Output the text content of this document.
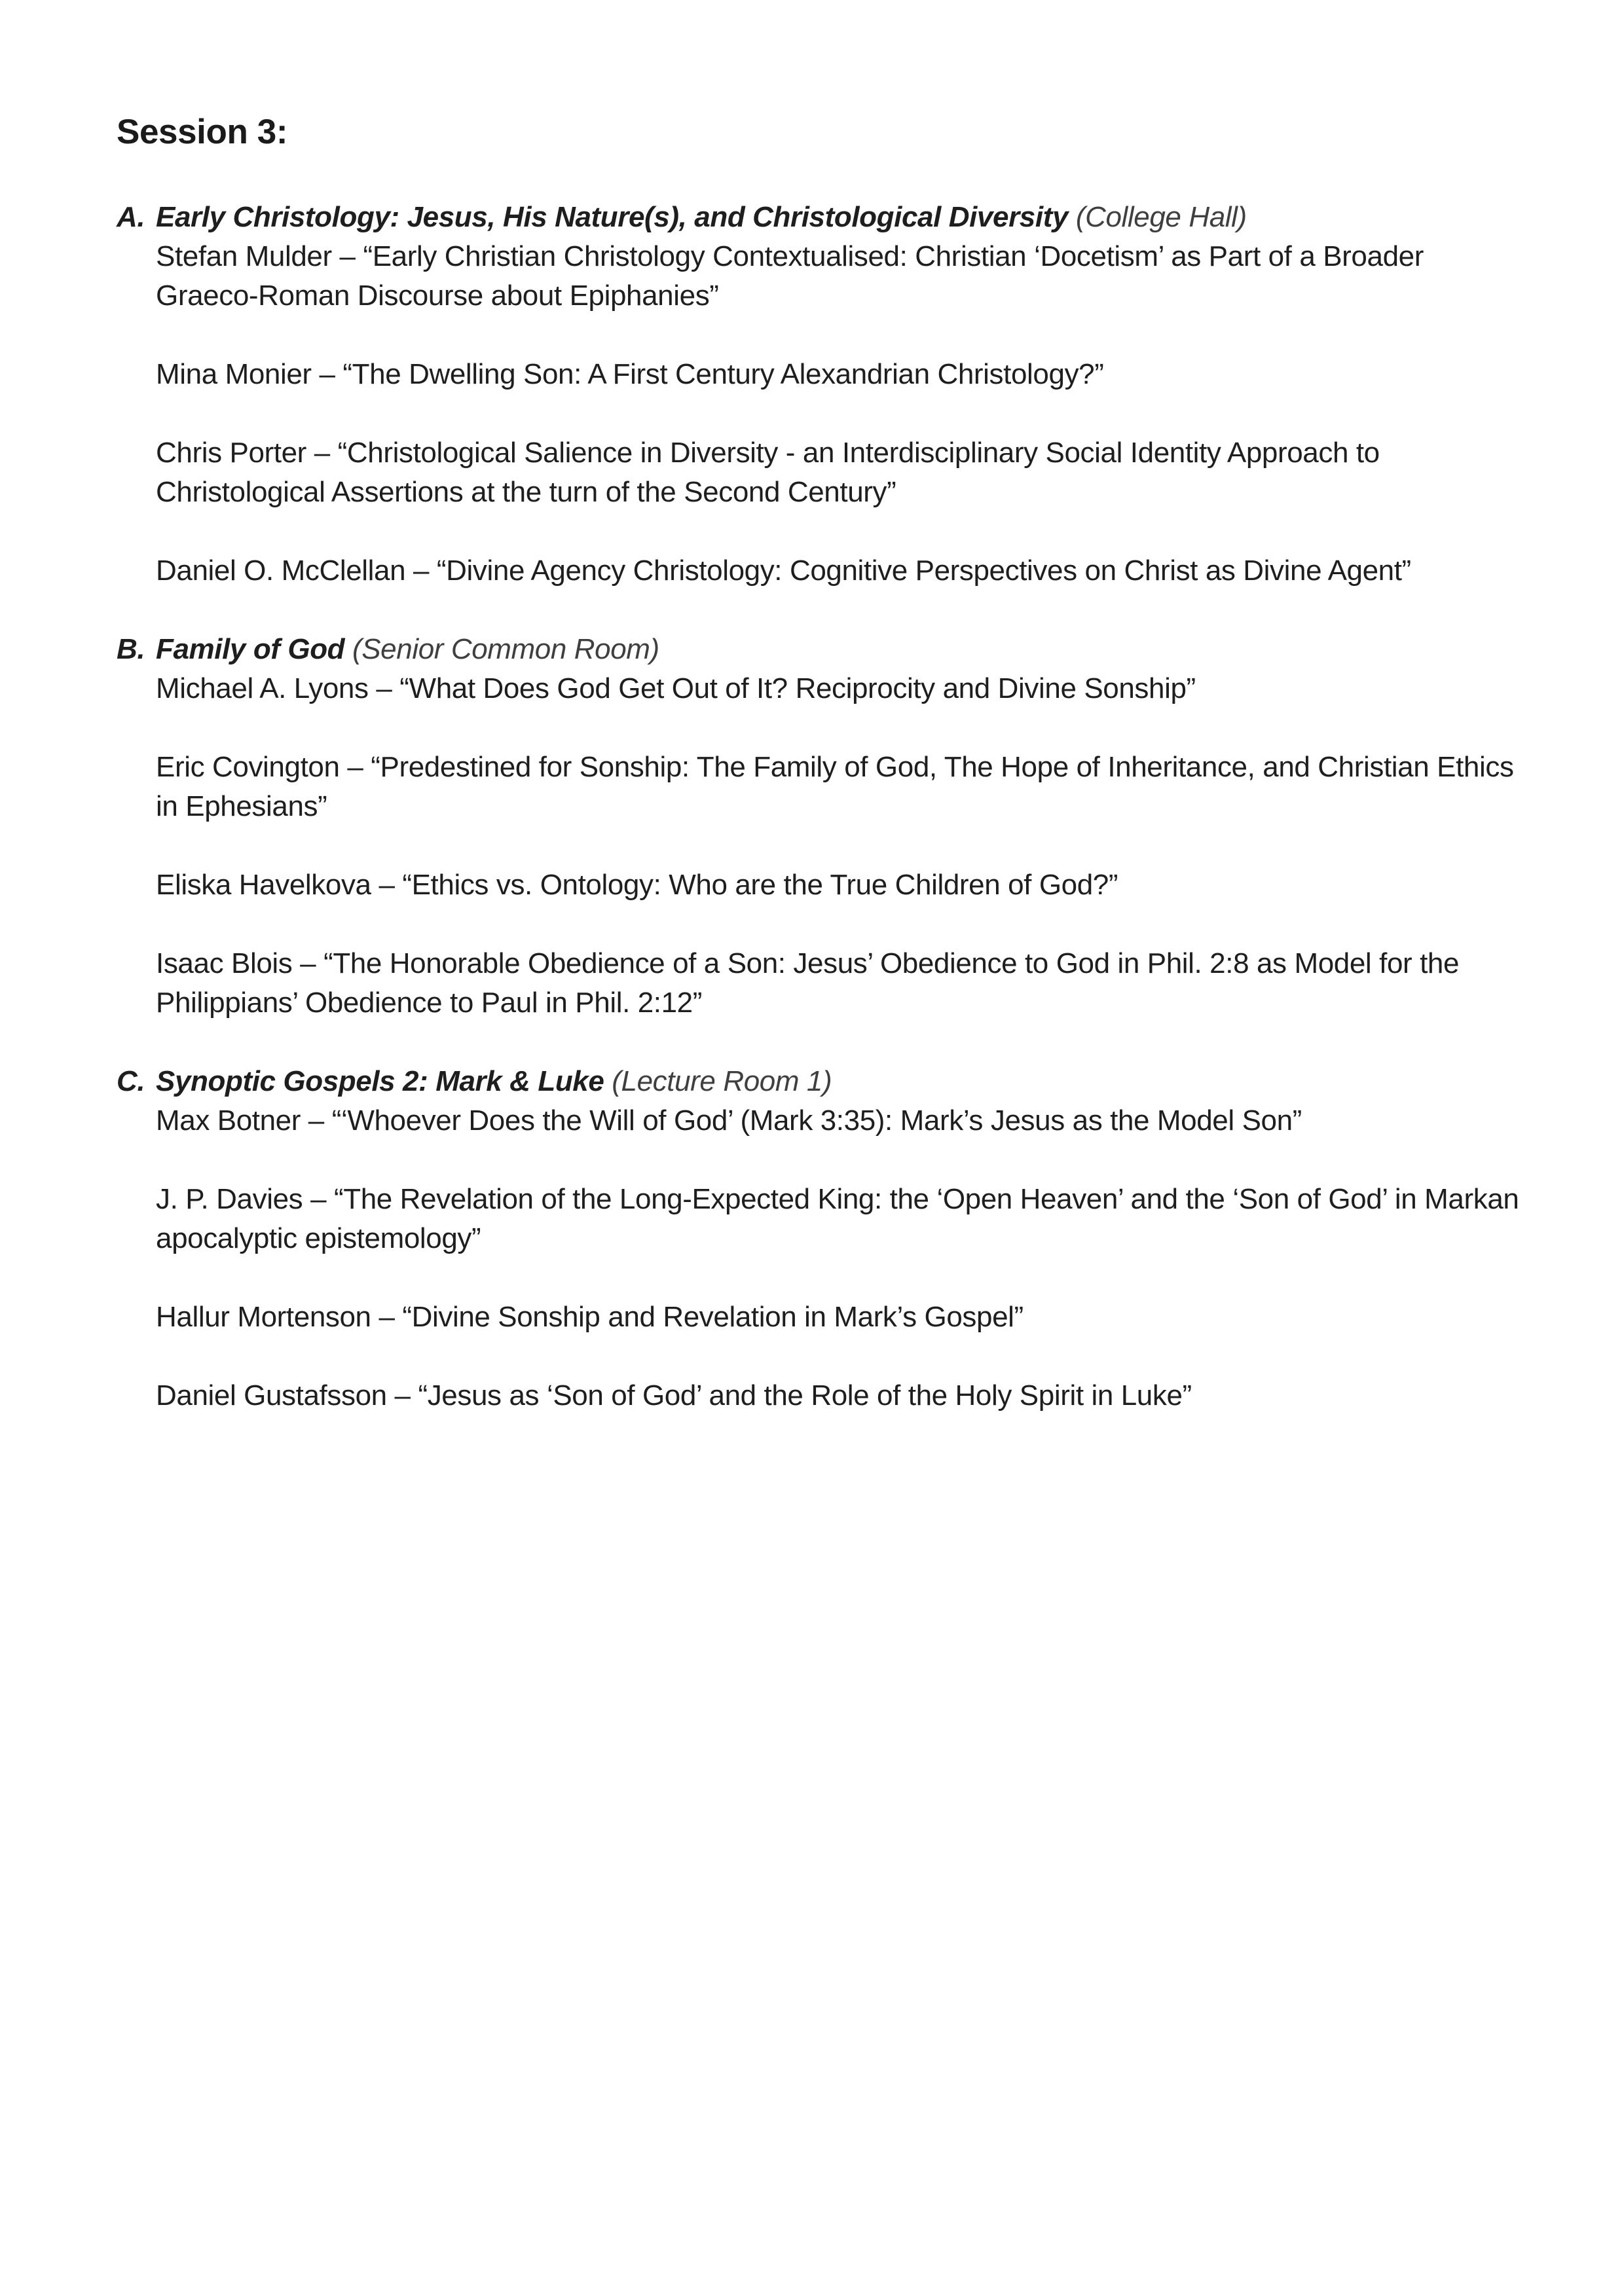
Session 3:
A. Early Christology: Jesus, His Nature(s), and Christological Diversity (College Hall)

Stefan Mulder – “Early Christian Christology Contextualised: Christian ‘Docetism’ as Part of a Broader Graeco-Roman Discourse about Epiphanies”

Mina Monier – “The Dwelling Son: A First Century Alexandrian Christology?”

Chris Porter – “Christological Salience in Diversity - an Interdisciplinary Social Identity Approach to Christological Assertions at the turn of the Second Century”

Daniel O. McClellan – “Divine Agency Christology: Cognitive Perspectives on Christ as Divine Agent”

B. Family of God (Senior Common Room)

Michael A. Lyons – “What Does God Get Out of It? Reciprocity and Divine Sonship”

Eric Covington – “Predestined for Sonship: The Family of God, The Hope of Inheritance, and Christian Ethics in Ephesians”

Eliska Havelkova – “Ethics vs. Ontology: Who are the True Children of God?”

Isaac Blois – “The Honorable Obedience of a Son: Jesus’ Obedience to God in Phil. 2:8 as Model for the Philippians’ Obedience to Paul in Phil. 2:12”

C. Synoptic Gospels 2: Mark & Luke (Lecture Room 1)

Max Botner – “‘Whoever Does the Will of God’ (Mark 3:35): Mark’s Jesus as the Model Son”

J. P. Davies – “The Revelation of the Long-Expected King: the ‘Open Heaven’ and the ‘Son of God’ in Markan apocalyptic epistemology”

Hallur Mortenson – “Divine Sonship and Revelation in Mark’s Gospel”

Daniel Gustafsson – “Jesus as ‘Son of God’ and the Role of the Holy Spirit in Luke”
